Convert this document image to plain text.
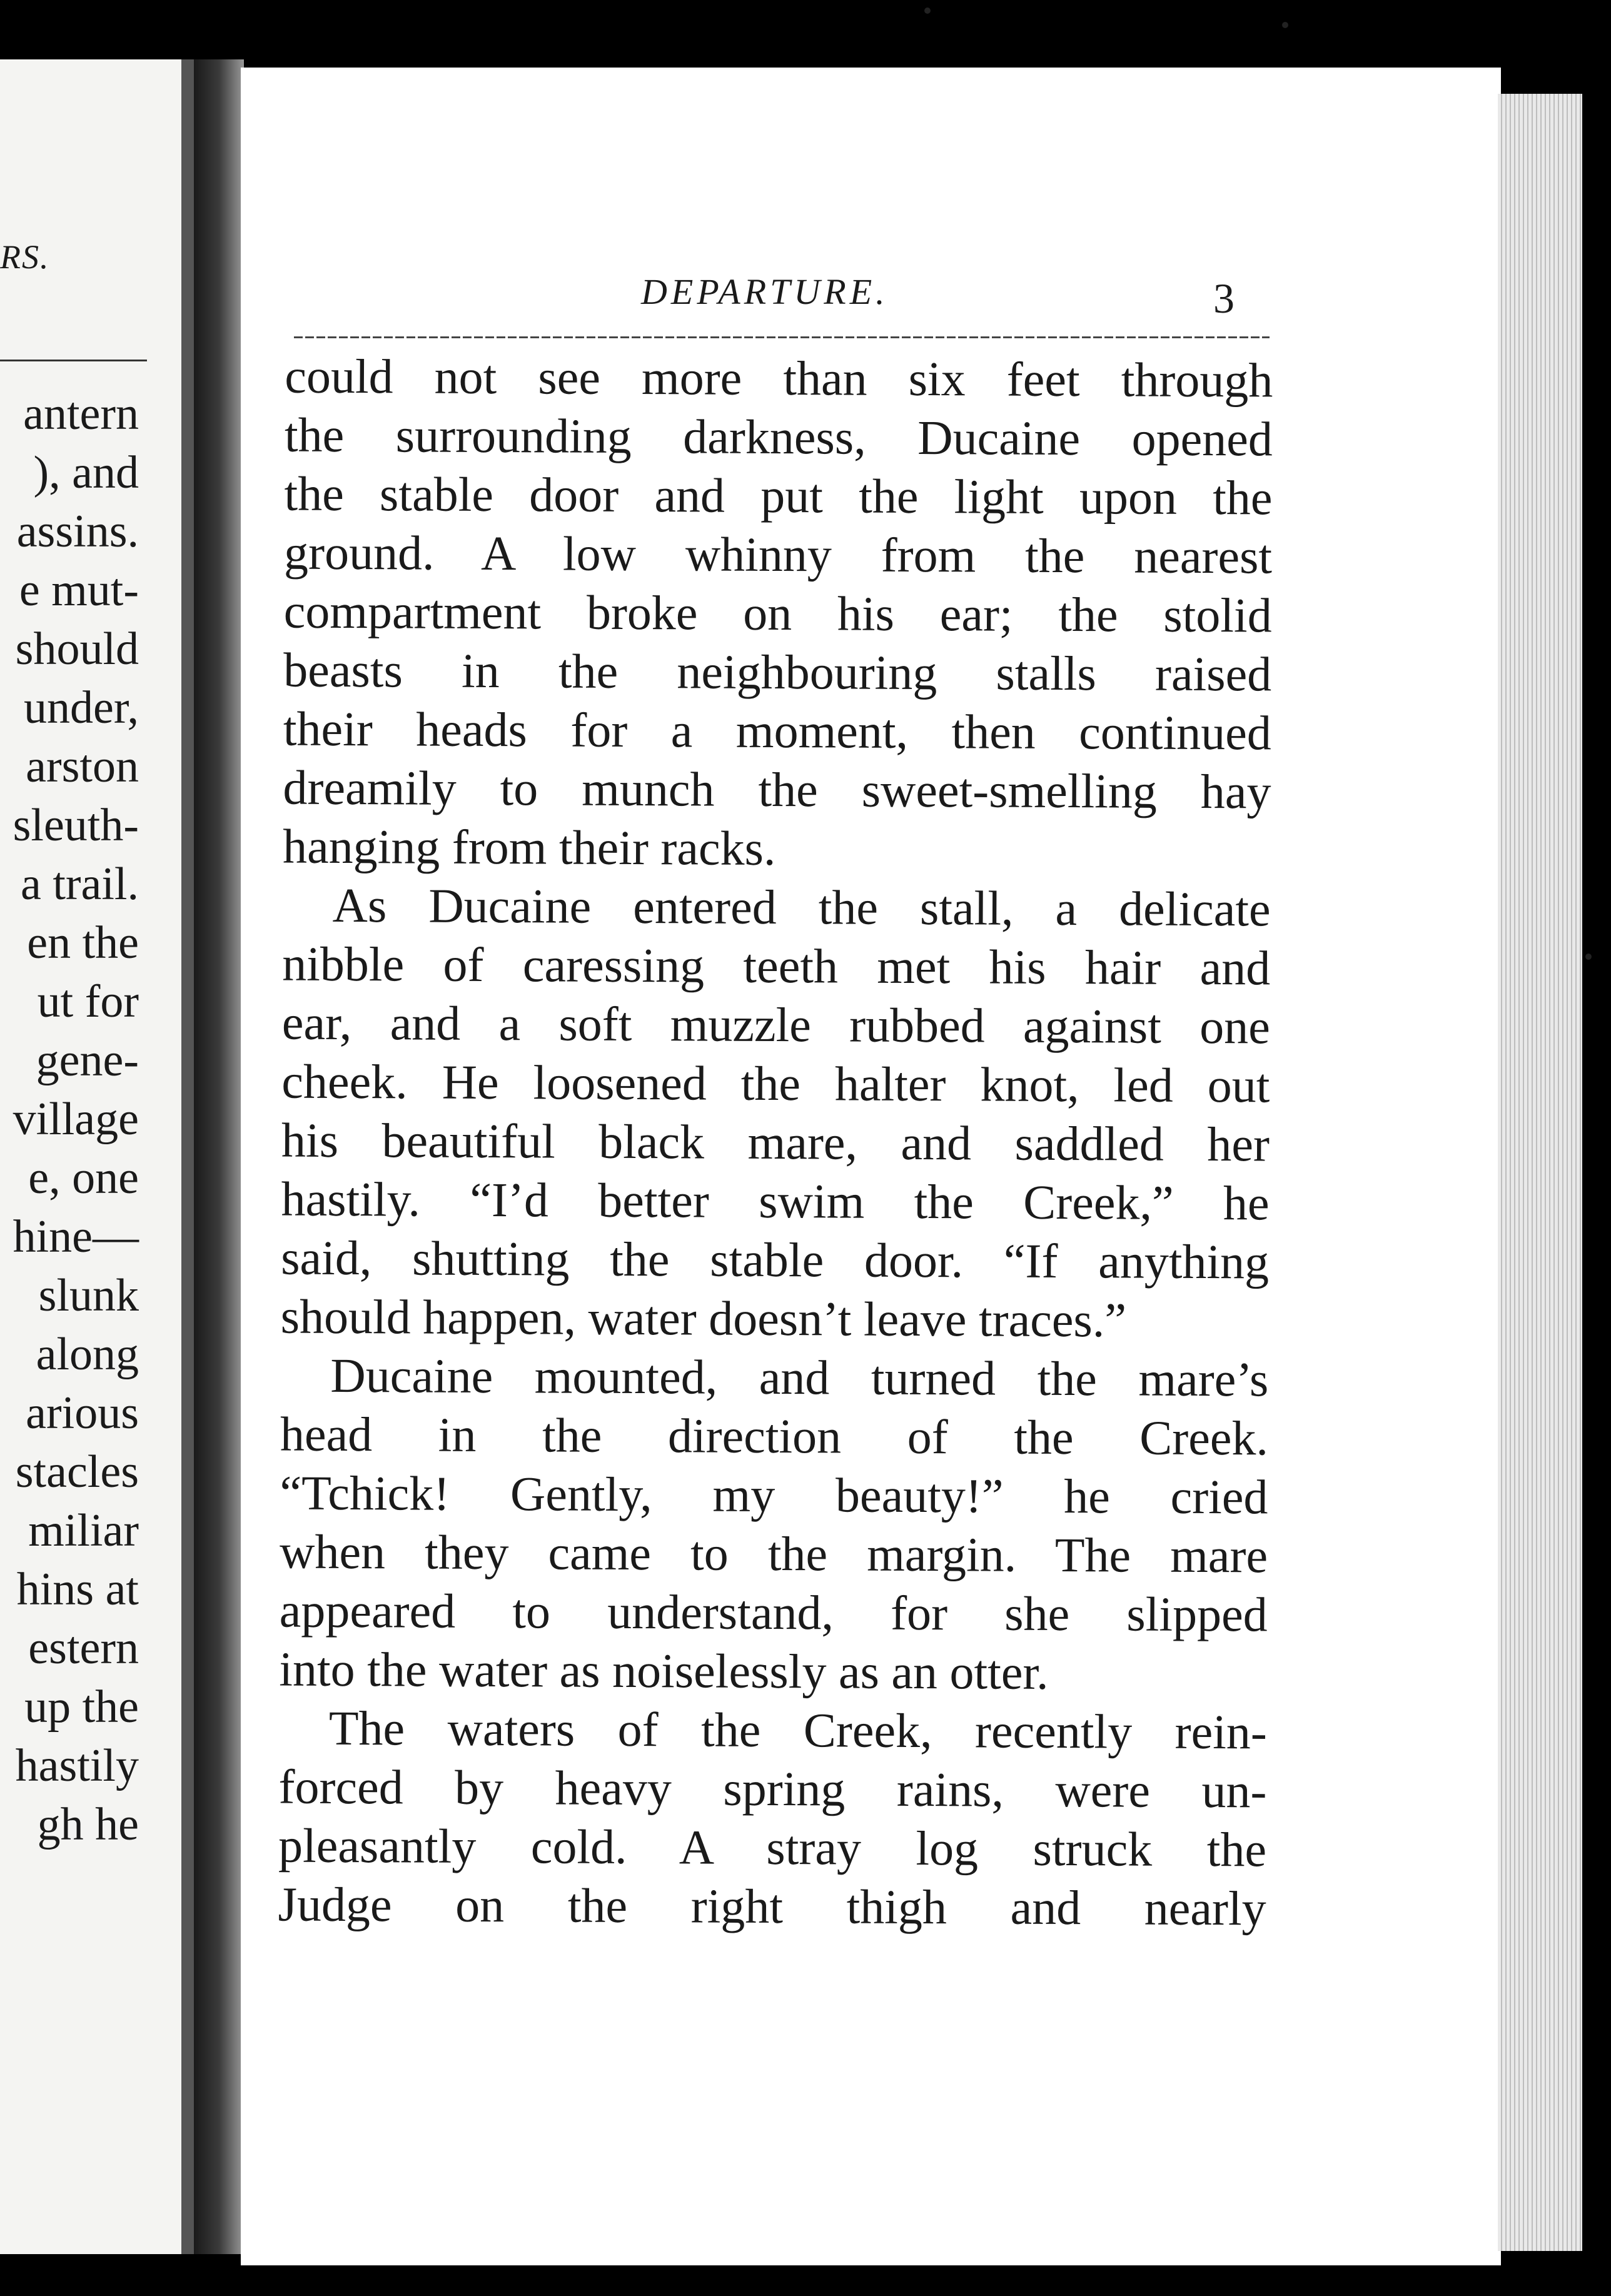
RS.
antern
), and
assins.
e mut-
should
under,
arston
sleuth-
a trail.
en the
ut for
gene-
village
e, one
hine—
slunk
along
arious
stacles
miliar
hins at
estern
up the
hastily
gh he
DEPARTURE.	3
could not see more than six feet through
the surrounding darkness, Ducaine opened
the stable door and put the light upon the
ground. A low whinny from the nearest
compartment broke on his ear; the stolid
beasts in the neighbouring stalls raised
their heads for a moment, then continued
dreamily to munch the sweet-smelling hay
hanging from their racks.
As Ducaine entered the stall, a delicate
nibble of caressing teeth met his hair and
ear, and a soft muzzle rubbed against one
cheek. He loosened the halter knot, led out
his beautiful black mare, and saddled her
hastily. “I’d better swim the Creek,” he
said, shutting the stable door. “If anything
should happen, water doesn’t leave traces.”
Ducaine mounted, and turned the mare’s
head in the direction of the Creek.
“Tchick! Gently, my beauty!” he cried
when they came to the margin. The mare
appeared to understand, for she slipped
into the water as noiselessly as an otter.
The waters of the Creek, recently rein-
forced by heavy spring rains, were un-
pleasantly cold. A stray log struck the
Judge on the right thigh and nearly
